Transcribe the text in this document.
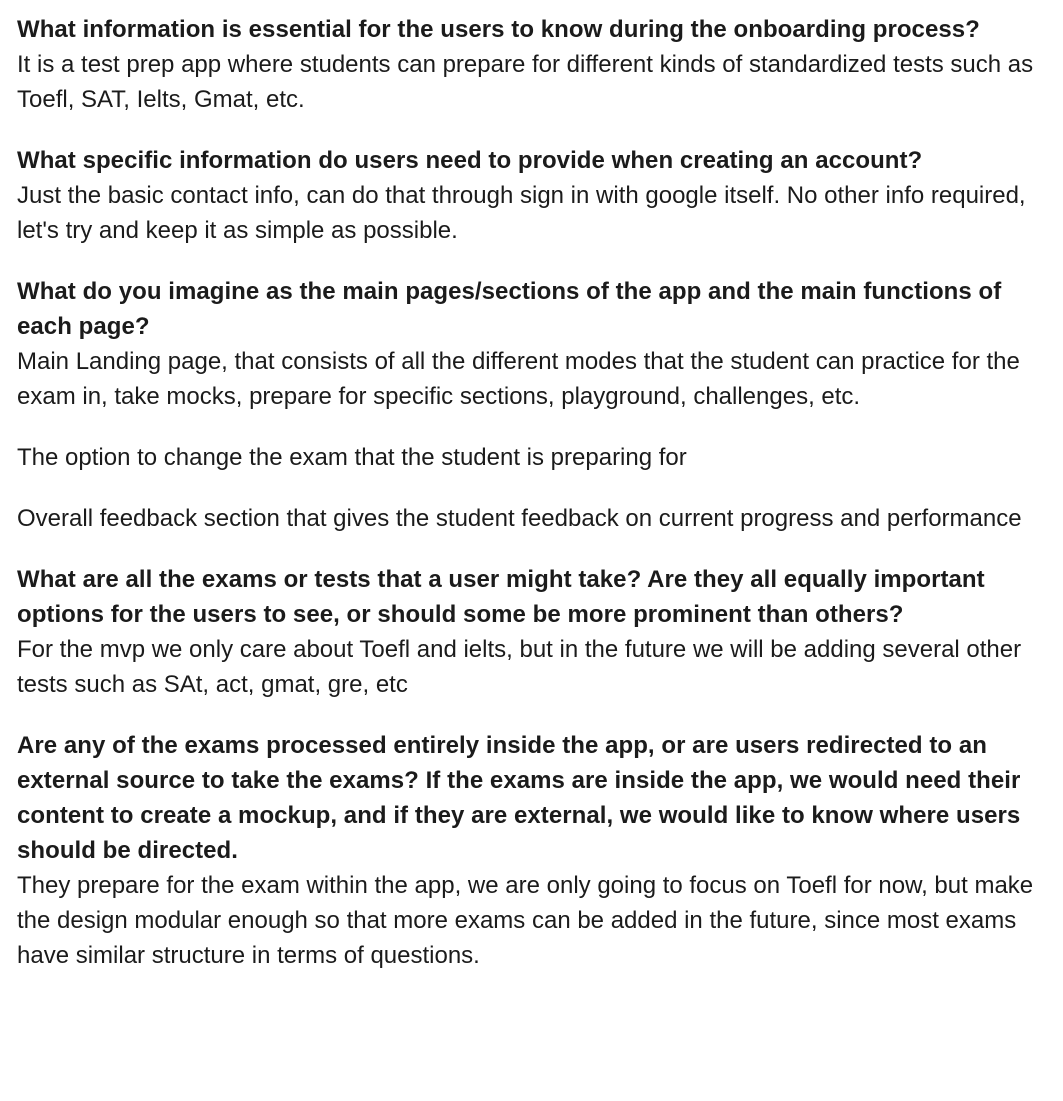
What information is essential for the users to know during the onboarding process?

It is a test prep app where students can prepare for different kinds of standardized tests such as Toefl, SAT, Ielts, Gmat, etc.

What specific information do users need to provide when creating an account?

Just the basic contact info, can do that through sign in with google itself. No other info required, let's try and keep it as simple as possible.

What do you imagine as the main pages/sections of the app and the main functions of each page?

Main Landing page, that consists of all the different modes that the student can practice for the exam in, take mocks, prepare for specific sections, playground, challenges, etc.

The option to change the exam that the student is preparing for

Overall feedback section that gives the student feedback on current progress and performance

What are all the exams or tests that a user might take? Are they all equally important options for the users to see, or should some be more prominent than others?

For the mvp we only care about Toefl and ielts, but in the future we will be adding several other tests such as SAt, act, gmat, gre, etc

Are any of the exams processed entirely inside the app, or are users redirected to an external source to take the exams? If the exams are inside the app, we would need their content to create a mockup, and if they are external, we would like to know where users should be directed.

They prepare for the exam within the app, we are only going to focus on Toefl for now, but make the design modular enough so that more exams can be added in the future, since most exams have similar structure in terms of questions.
